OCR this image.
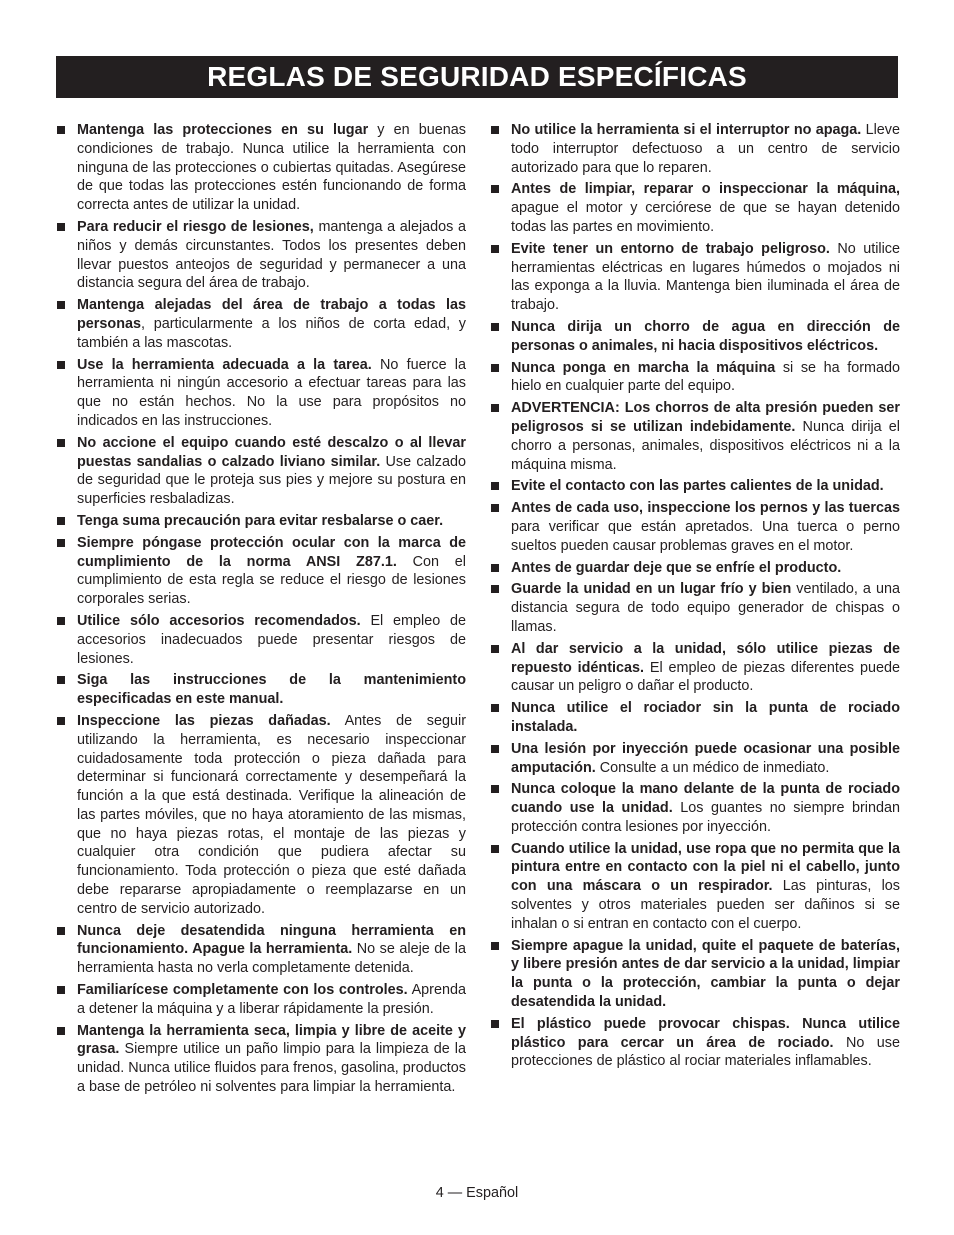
REGLAS DE SEGURIDAD ESPECÍFICAS
Mantenga las protecciones en su lugar y en buenas condiciones de trabajo. Nunca utilice la herramienta con ninguna de las protecciones o cubiertas quitadas. Asegúrese de que todas las protecciones estén funcionando de forma correcta antes de utilizar la unidad.
Para reducir el riesgo de lesiones, mantenga a alejados a niños y demás circunstantes. Todos los presentes deben llevar puestos anteojos de seguridad y permanecer a una distancia segura del área de trabajo.
Mantenga alejadas del área de trabajo a todas las personas, particularmente a los niños de corta edad, y también a las mascotas.
Use la herramienta adecuada a la tarea. No fuerce la herramienta ni ningún accesorio a efectuar tareas para las que no están hechos. No la use para propósitos no indicados en las instrucciones.
No accione el equipo cuando esté descalzo o al llevar puestas sandalias o calzado liviano similar. Use calzado de seguridad que le proteja sus pies y mejore su postura en superficies resbaladizas.
Tenga suma precaución para evitar resbalarse o caer.
Siempre póngase protección ocular con la marca de cumplimiento de la norma ANSI Z87.1. Con el cumplimiento de esta regla se reduce el riesgo de lesiones corporales serias.
Utilice sólo accesorios recomendados. El empleo de accesorios inadecuados puede presentar riesgos de lesiones.
Siga las instrucciones de la mantenimiento especificadas en este manual.
Inspeccione las piezas dañadas. Antes de seguir utilizando la herramienta, es necesario inspeccionar cuidadosamente toda protección o pieza dañada para determinar si funcionará correctamente y desempeñará la función a la que está destinada. Verifique la alineación de las partes móviles, que no haya atoramiento de las mismas, que no haya piezas rotas, el montaje de las piezas y cualquier otra condición que pudiera afectar su funcionamiento. Toda protección o pieza que esté dañada debe repararse apropiadamente o reemplazarse en un centro de servicio autorizado.
Nunca deje desatendida ninguna herramienta en funcionamiento. Apague la herramienta. No se aleje de la herramienta hasta no verla completamente detenida.
Familiarícese completamente con los controles. Aprenda a detener la máquina y a liberar rápidamente la presión.
Mantenga la herramienta seca, limpia y libre de aceite y grasa. Siempre utilice un paño limpio para la limpieza de la unidad. Nunca utilice fluidos para frenos, gasolina, productos a base de petróleo ni solventes para limpiar la herramienta.
No utilice la herramienta si el interruptor no apaga. Lleve todo interruptor defectuoso a un centro de servicio autorizado para que lo reparen.
Antes de limpiar, reparar o inspeccionar la máquina, apague el motor y cerciórese de que se hayan detenido todas las partes en movimiento.
Evite tener un entorno de trabajo peligroso. No utilice herramientas eléctricas en lugares húmedos o mojados ni las exponga a la lluvia. Mantenga bien iluminada el área de trabajo.
Nunca dirija un chorro de agua en dirección de personas o animales, ni hacia dispositivos eléctricos.
Nunca ponga en marcha la máquina si se ha formado hielo en cualquier parte del equipo.
ADVERTENCIA: Los chorros de alta presión pueden ser peligrosos si se utilizan indebidamente. Nunca dirija el chorro a personas, animales, dispositivos eléctricos ni a la máquina misma.
Evite el contacto con las partes calientes de la unidad.
Antes de cada uso, inspeccione los pernos y las tuercas para verificar que están apretados. Una tuerca o perno sueltos pueden causar problemas graves en el motor.
Antes de guardar deje que se enfríe el producto.
Guarde la unidad en un lugar frío y bien ventilado, a una distancia segura de todo equipo generador de chispas o llamas.
Al dar servicio a la unidad, sólo utilice piezas de repuesto idénticas. El empleo de piezas diferentes puede causar un peligro o dañar el producto.
Nunca utilice el rociador sin la punta de rociado instalada.
Una lesión por inyección puede ocasionar una posible amputación. Consulte a un médico de inmediato.
Nunca coloque la mano delante de la punta de rociado cuando use la unidad. Los guantes no siempre brindan protección contra lesiones por inyección.
Cuando utilice la unidad, use ropa que no permita que la pintura entre en contacto con la piel ni el cabello, junto con una máscara o un respirador. Las pinturas, los solventes y otros materiales pueden ser dañinos si se inhalan o si entran en contacto con el cuerpo.
Siempre apague la unidad, quite el paquete de baterías, y libere presión antes de dar servicio a la unidad, limpiar la punta o la protección, cambiar la punta o dejar desatendida la unidad.
El plástico puede provocar chispas. Nunca utilice plástico para cercar un área de rociado. No use protecciones de plástico al rociar materiales inflamables.
4 — Español
